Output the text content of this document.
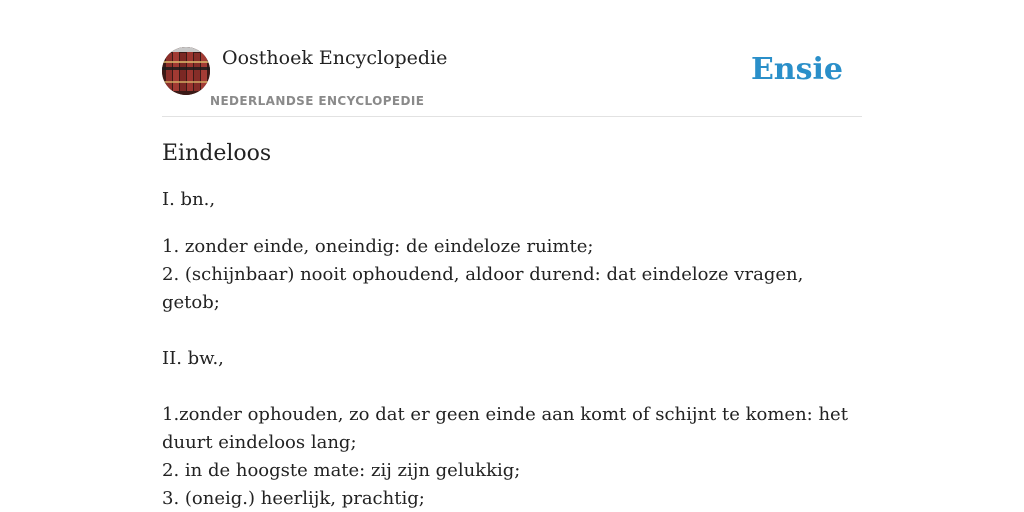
Oosthoek Encyclopedie
NEDERLANDSE ENCYCLOPEDIE
Ensie
Eindeloos
I. bn.,

1. zonder einde, oneindig: de eindeloze ruimte;

2. (schijnbaar) nooit ophoudend, aldoor durend: dat eindeloze vragen, getob;

II. bw.,

1.zonder ophouden, zo dat er geen einde aan komt of schijnt te komen: het duurt eindeloos lang;

2. in de hoogste mate: zij zijn gelukkig;

3. (oneig.) heerlijk, prachtig;
